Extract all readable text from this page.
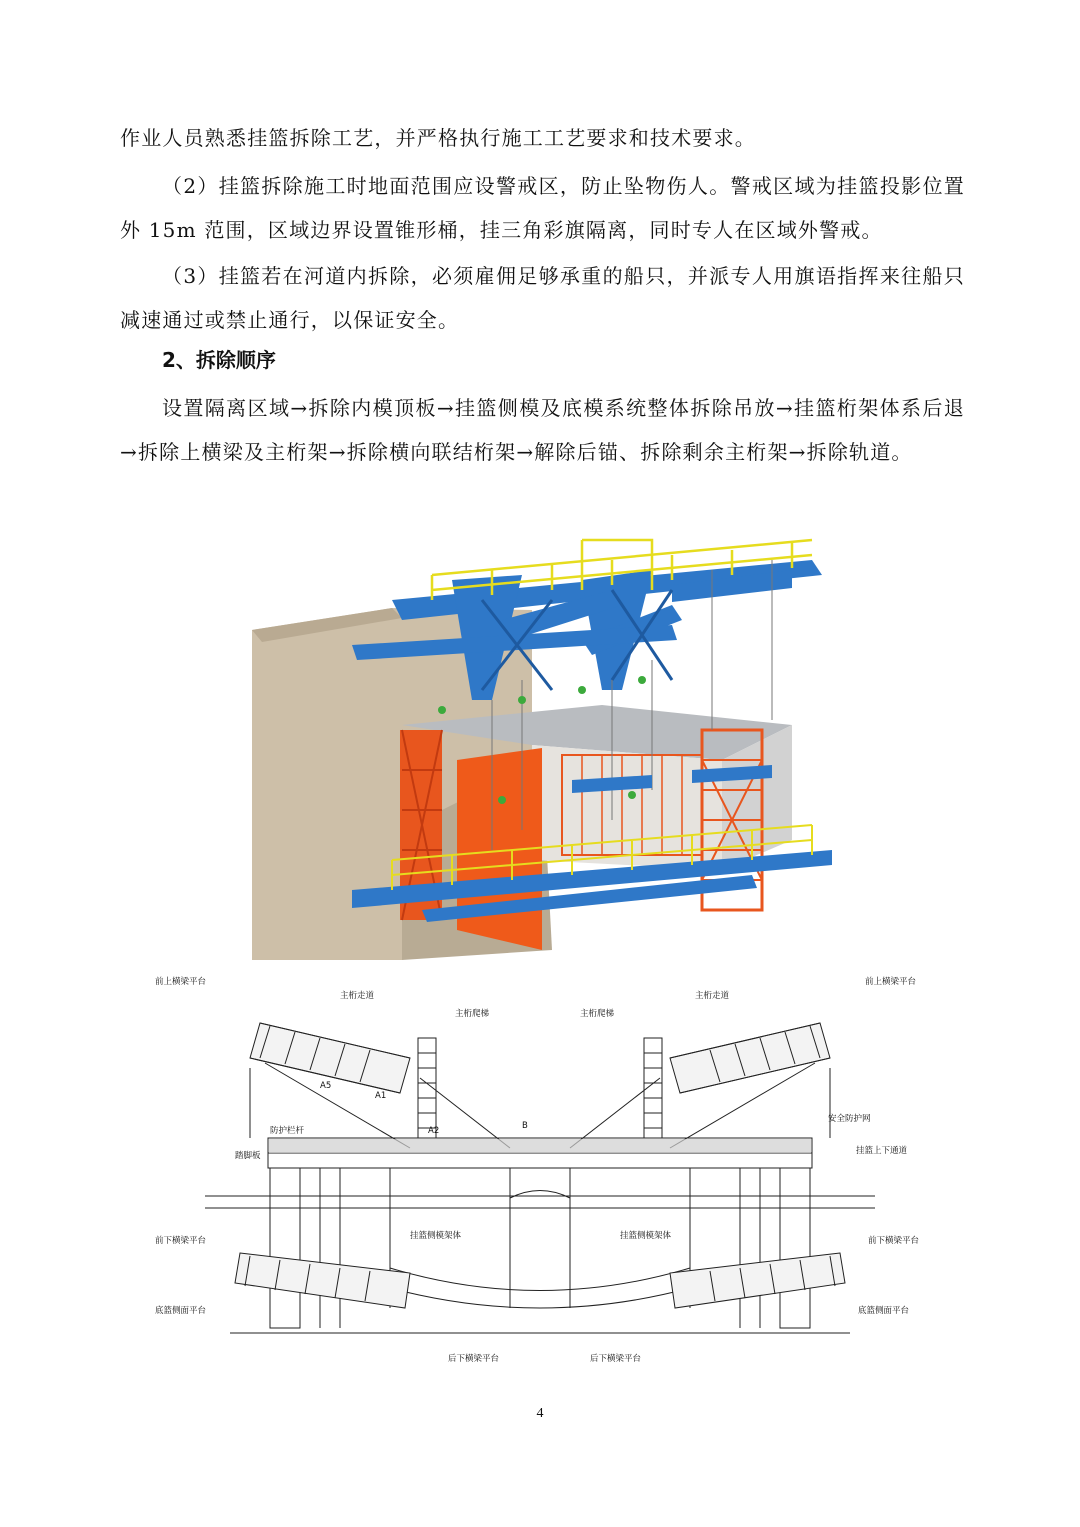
作业人员熟悉挂篮拆除工艺，并严格执行施工工艺要求和技术要求。

（2）挂篮拆除施工时地面范围应设警戒区，防止坠物伤人。警戒区域为挂篮投影位置外 15m 范围，区域边界设置锥形桶，挂三角彩旗隔离，同时专人在区域外警戒。

（3）挂篮若在河道内拆除，必须雇佣足够承重的船只，并派专人用旗语指挥来往船只减速通过或禁止通行，以保证安全。

2、拆除顺序

设置隔离区域→拆除内模顶板→挂篮侧模及底模系统整体拆除吊放→挂篮桁架体系后退→拆除上横梁及主桁架→拆除横向联结桁架→解除后锚、拆除剩余主桁架→拆除轨道。

前上横梁平台	前上横梁平台
主桁走道	主桁走道
主桁爬梯	主桁爬梯
防护栏杆
安全防护网
踏脚板	挂篮上下通道
挂篮侧模架体	挂篮侧模架体
前下横梁平台	前下横梁平台
底篮侧面平台	底篮侧面平台
后下横梁平台	后下横梁平台
A1
A2
A5
B
4
